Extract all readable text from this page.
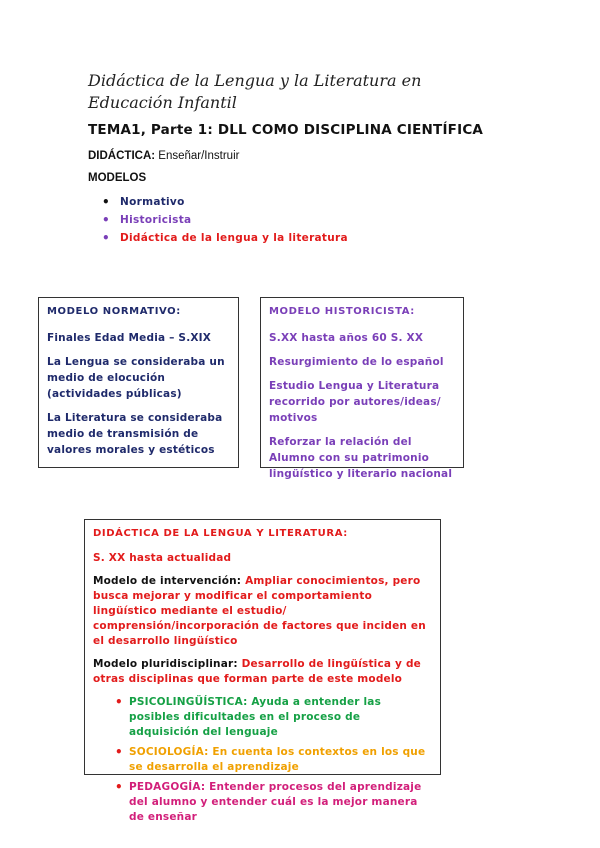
Didáctica de la Lengua y la Literatura en Educación Infantil
TEMA1, Parte 1: DLL COMO DISCIPLINA CIENTÍFICA
DIDÁCTICA: Enseñar/Instruir
MODELOS
• Normativo
• Historicista
• Didáctica de la lengua y la literatura

MODELO NORMATIVO:

Finales Edad Media – S.XIX

La Lengua se consideraba un medio de elocución (actividades públicas)

La Literatura se consideraba medio de transmisión de valores morales y estéticos

MODELO HISTORICISTA:

S.XX hasta años 60 S. XX

Resurgimiento de lo español

Estudio Lengua y Literatura recorrido por autores/ideas/ motivos

Reforzar la relación del Alumno con su patrimonio lingüístico y literario nacional

DIDÁCTICA DE LA LENGUA Y LITERATURA:

S. XX hasta actualidad

Modelo de intervención: Ampliar conocimientos, pero busca mejorar y modificar el comportamiento lingüístico mediante el estudio/ comprensión/incorporación de factores que inciden en el desarrollo lingüístico

Modelo pluridisciplinar: Desarrollo de lingüística y de otras disciplinas que forman parte de este modelo

• PSICOLINGÜÍSTICA: Ayuda a entender las posibles dificultades en el proceso de adquisición del lenguaje
• SOCIOLOGÍA: En cuenta los contextos en los que se desarrolla el aprendizaje
• PEDAGOGÍA: Entender procesos del aprendizaje del alumno y entender cuál es la mejor manera de enseñar
